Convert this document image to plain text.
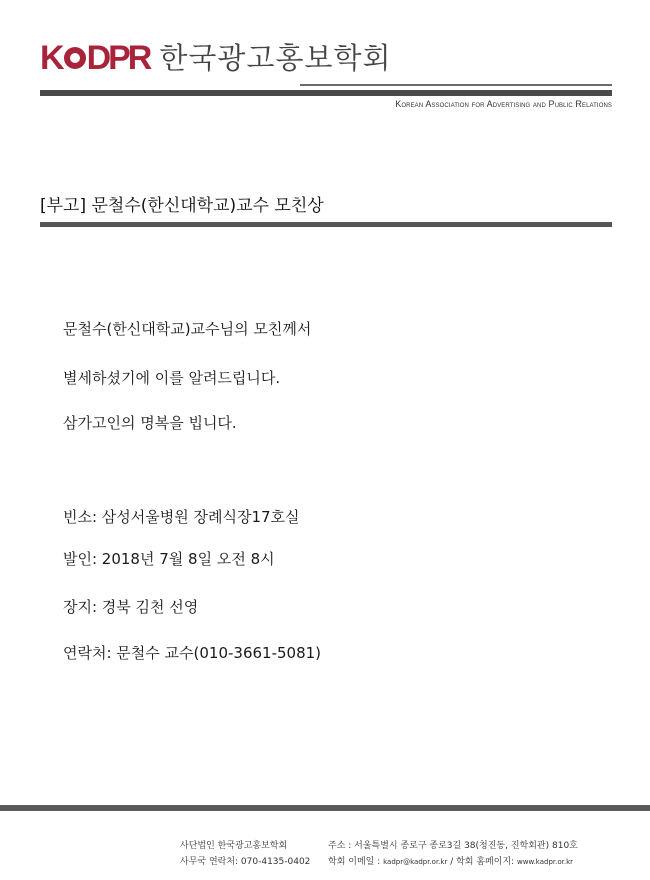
K D PR 한국광고홍보학회
Korean Association for Advertising and Public Relations
[부고] 문철수(한신대학교)교수 모친상
문철수(한신대학교)교수님의 모친께서
별세하셨기에 이를 알려드립니다.
삼가고인의 명복을 빕니다.
빈소: 삼성서울병원 장례식장17호실
발인: 2018년 7월 8일 오전 8시
장지: 경북 김천 선영
연락처: 문철수 교수(010-3661-5081)
사단법인 한국광고홍보학회	주소 : 서울특별시 종로구 종로3길 38(청진동, 진학회관) 810호
사무국 연락처: 070-4135-0402	학회 이메일 :
kadpr@kadpr.or.kr
/ 학회 홈페이지:
www.kadpr.or.kr
